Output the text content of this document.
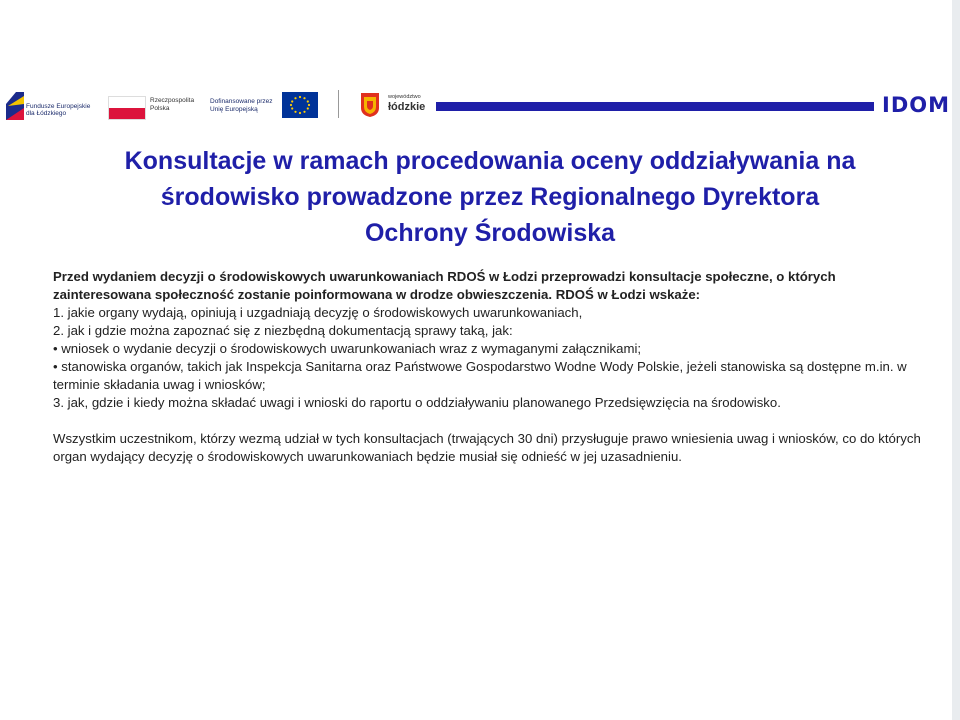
Fundusze Europejskie dla Łódzkiego
Rzeczpospolita Polska
Dofinansowane przez Unię Europejską
województwo
łódzkie	IDOM
Konsultacje w ramach procedowania oceny oddziaływania na
środowisko prowadzone przez Regionalnego Dyrektora
Ochrony Środowiska

Przed wydaniem decyzji o środowiskowych uwarunkowaniach RDOŚ w Łodzi przeprowadzi konsultacje społeczne, o których zainteresowana społeczność zostanie poinformowana w drodze obwieszczenia. RDOŚ w Łodzi wskaże:

1. jakie organy wydają, opiniują i uzgadniają decyzję o środowiskowych uwarunkowaniach,

2. jak i gdzie można zapoznać się z niezbędną dokumentacją sprawy taką, jak:

• wniosek o wydanie decyzji o środowiskowych uwarunkowaniach wraz z wymaganymi załącznikami;

• stanowiska organów, takich jak Inspekcja Sanitarna oraz Państwowe Gospodarstwo Wodne Wody Polskie, jeżeli stanowiska są dostępne m.in. w terminie składania uwag i wniosków;

3. jak, gdzie i kiedy można składać uwagi i wnioski do raportu o oddziaływaniu planowanego Przedsięwzięcia na środowisko.

Wszystkim uczestnikom, którzy wezmą udział w tych konsultacjach (trwających 30 dni) przysługuje prawo wniesienia uwag i wniosków, co do których organ wydający decyzję o środowiskowych uwarunkowaniach będzie musiał się odnieść w jej uzasadnieniu.
